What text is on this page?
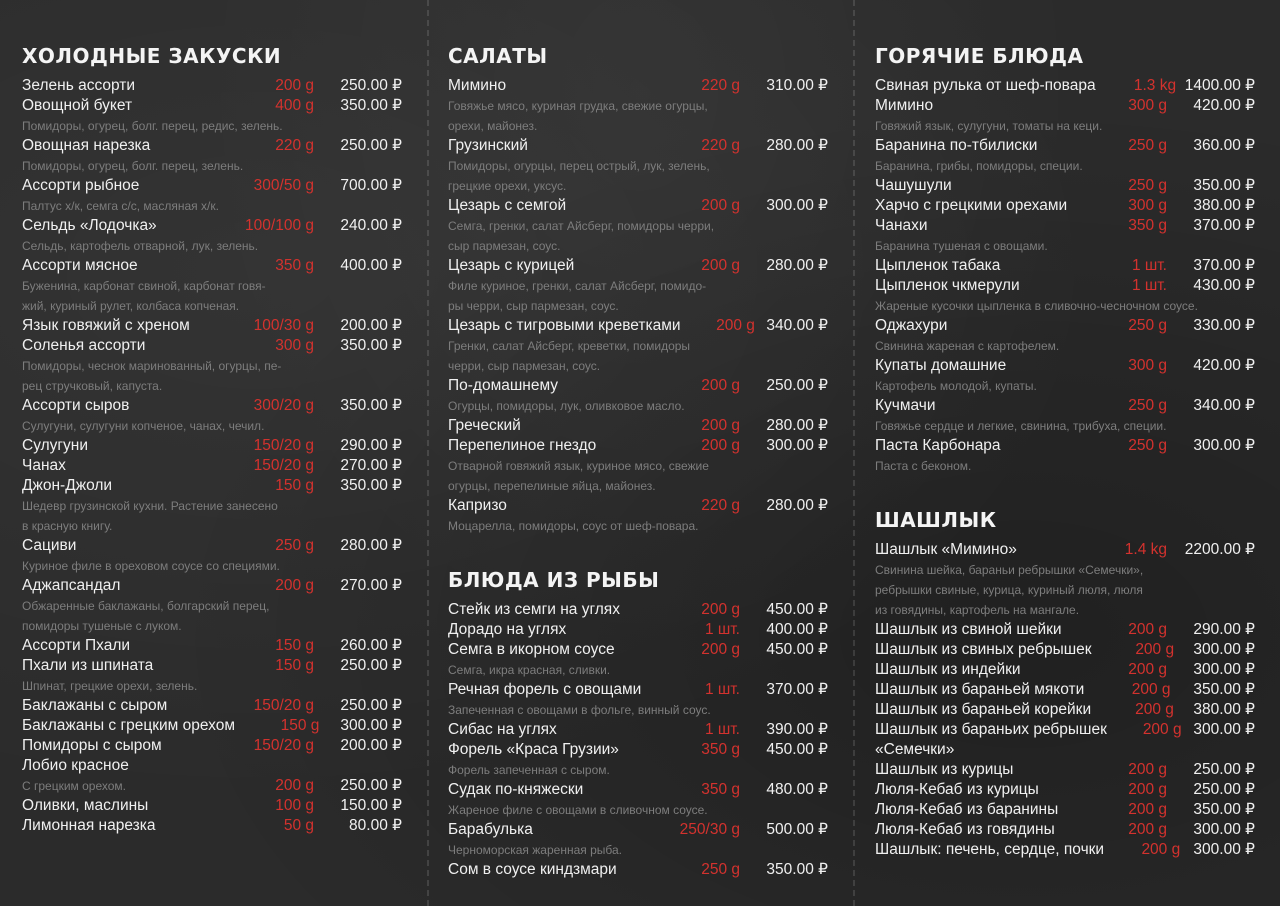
ХОЛОДНЫЕ ЗАКУСКИ
Зелень ассорти	200 g	250.00 ₽
Овощной букет	400 g	350.00 ₽
Помидоры, огурец, болг. перец, редис, зелень.
Овощная нарезка	220 g	250.00 ₽
Помидоры, огурец, болг. перец, зелень.
Ассорти рыбное	300/50 g	700.00 ₽
Палтус х/к, семга с/с, масляная х/к.
Сельдь «Лодочка»	100/100 g	240.00 ₽
Сельдь, картофель отварной, лук, зелень.
Ассорти мясное	350 g	400.00 ₽
Буженина, карбонат свиной, карбонат говя-
жий, куриный рулет, колбаса копченая.
Язык говяжий с хреном	100/30 g	200.00 ₽
Соленья ассорти	300 g	350.00 ₽
Помидоры, чеснок маринованный, огурцы, пе-
рец стручковый, капуста.
Ассорти сыров	300/20 g	350.00 ₽
Сулугуни, сулугуни копченое, чанах, чечил.
Сулугуни	150/20 g	290.00 ₽
Чанах	150/20 g	270.00 ₽
Джон-Джоли	150 g	350.00 ₽
Шедевр грузинской кухни. Растение занесено
в красную книгу.
Сациви	250 g	280.00 ₽
Куриное филе в ореховом соусе со специями.
Аджапсандал	200 g	270.00 ₽
Обжаренные баклажаны, болгарский перец,
помидоры тушеные с луком.
Ассорти Пхали	150 g	260.00 ₽
Пхали из шпината	150 g	250.00 ₽
Шпинат, грецкие орехи, зелень.
Баклажаны с сыром	150/20 g	250.00 ₽
Баклажаны с грецким орехом	150 g	300.00 ₽
Помидоры с сыром	150/20 g	200.00 ₽
Лобио красное
С грецким орехом.	200 g	250.00 ₽
Оливки, маслины	100 g	150.00 ₽
Лимонная нарезка	50 g	80.00 ₽
САЛАТЫ
Мимино	220 g	310.00 ₽
Говяжье мясо, куриная грудка, свежие огурцы,
орехи, майонез.
Грузинский	220 g	280.00 ₽
Помидоры, огурцы, перец острый, лук, зелень,
грецкие орехи, уксус.
Цезарь с семгой	200 g	300.00 ₽
Семга, гренки, салат Айсберг, помидоры черри,
сыр пармезан, соус.
Цезарь с курицей	200 g	280.00 ₽
Филе куриное, гренки, салат Айсберг, помидо-
ры черри, сыр пармезан, соус.
Цезарь с тигровыми креветками	200 g 340.00 ₽
Гренки, салат Айсберг, креветки, помидоры
черри, сыр пармезан, соус.
По-домашнему	200 g	250.00 ₽
Огурцы, помидоры, лук, оливковое масло.
Греческий	200 g	280.00 ₽
Перепелиное гнездо	200 g	300.00 ₽
Отварной говяжий язык, куриное мясо, свежие
огурцы, перепелиные яйца, майонез.
Капризо	220 g	280.00 ₽
Моцарелла, помидоры, соус от шеф-повара.
БЛЮДА ИЗ РЫБЫ
Стейк из семги на углях	200 g	450.00 ₽
Дорадо на углях	1 шт.	400.00 ₽
Семга в икорном соусе	200 g	450.00 ₽
Семга, икра красная, сливки.
Речная форель с овощами	1 шт.	370.00 ₽
Запеченная с овощами в фольге, винный соус.
Сибас на углях	1 шт.	390.00 ₽
Форель «Краса Грузии»	350 g	450.00 ₽
Форель запеченная с сыром.
Судак по-княжески	350 g	480.00 ₽
Жареное филе с овощами в сливочном соусе.
Барабулька	250/30 g	500.00 ₽
Черноморская жаренная рыба.
Сом в соусе киндзмари	250 g	350.00 ₽
ГОРЯЧИЕ БЛЮДА
Свиная рулька от шеф-повара	1.3 kg 1400.00 ₽
Мимино	300 g	420.00 ₽
Говяжий язык, сулугуни, томаты на кеци.
Баранина по-тбилиски	250 g	360.00 ₽
Баранина, грибы, помидоры, специи.
Чашушули	250 g	350.00 ₽
Харчо с грецкими орехами	300 g	380.00 ₽
Чанахи	350 g	370.00 ₽
Баранина тушеная с овощами.
Цыпленок табака	1 шт.	370.00 ₽
Цыпленок чкмерули	1 шт.	430.00 ₽
Жареные кусочки цыпленка в сливочно-чесночном соусе.
Оджахури	250 g	330.00 ₽
Свинина жареная с картофелем.
Купаты домашние	300 g	420.00 ₽
Картофель молодой, купаты.
Кучмачи	250 g	340.00 ₽
Говяжье сердце и легкие, свинина, трибуха, специи.
Паста Карбонара	250 g	300.00 ₽
Паста с беконом.
ШАШЛЫК
Шашлык «Мимино»	1.4 kg	2200.00 ₽
Свинина шейка, бараньи ребрышки «Семечки»,
ребрышки свиные, курица, куриный люля, люля
из говядины, картофель на мангале.
Шашлык из свиной шейки	200 g	290.00 ₽
Шашлык из свиных ребрышек	200 g	300.00 ₽
Шашлык из индейки	200 g	300.00 ₽
Шашлык из бараньей мякоти	200 g	350.00 ₽
Шашлык из бараньей корейки	200 g	380.00 ₽
Шашлык из бараньих ребрышек	200 g 300.00 ₽
«Семечки»
Шашлык из курицы	200 g	250.00 ₽
Люля-Кебаб из курицы	200 g	250.00 ₽
Люля-Кебаб из баранины	200 g	350.00 ₽
Люля-Кебаб из говядины	200 g	300.00 ₽
Шашлык: печень, сердце, почки	200 g 300.00 ₽
